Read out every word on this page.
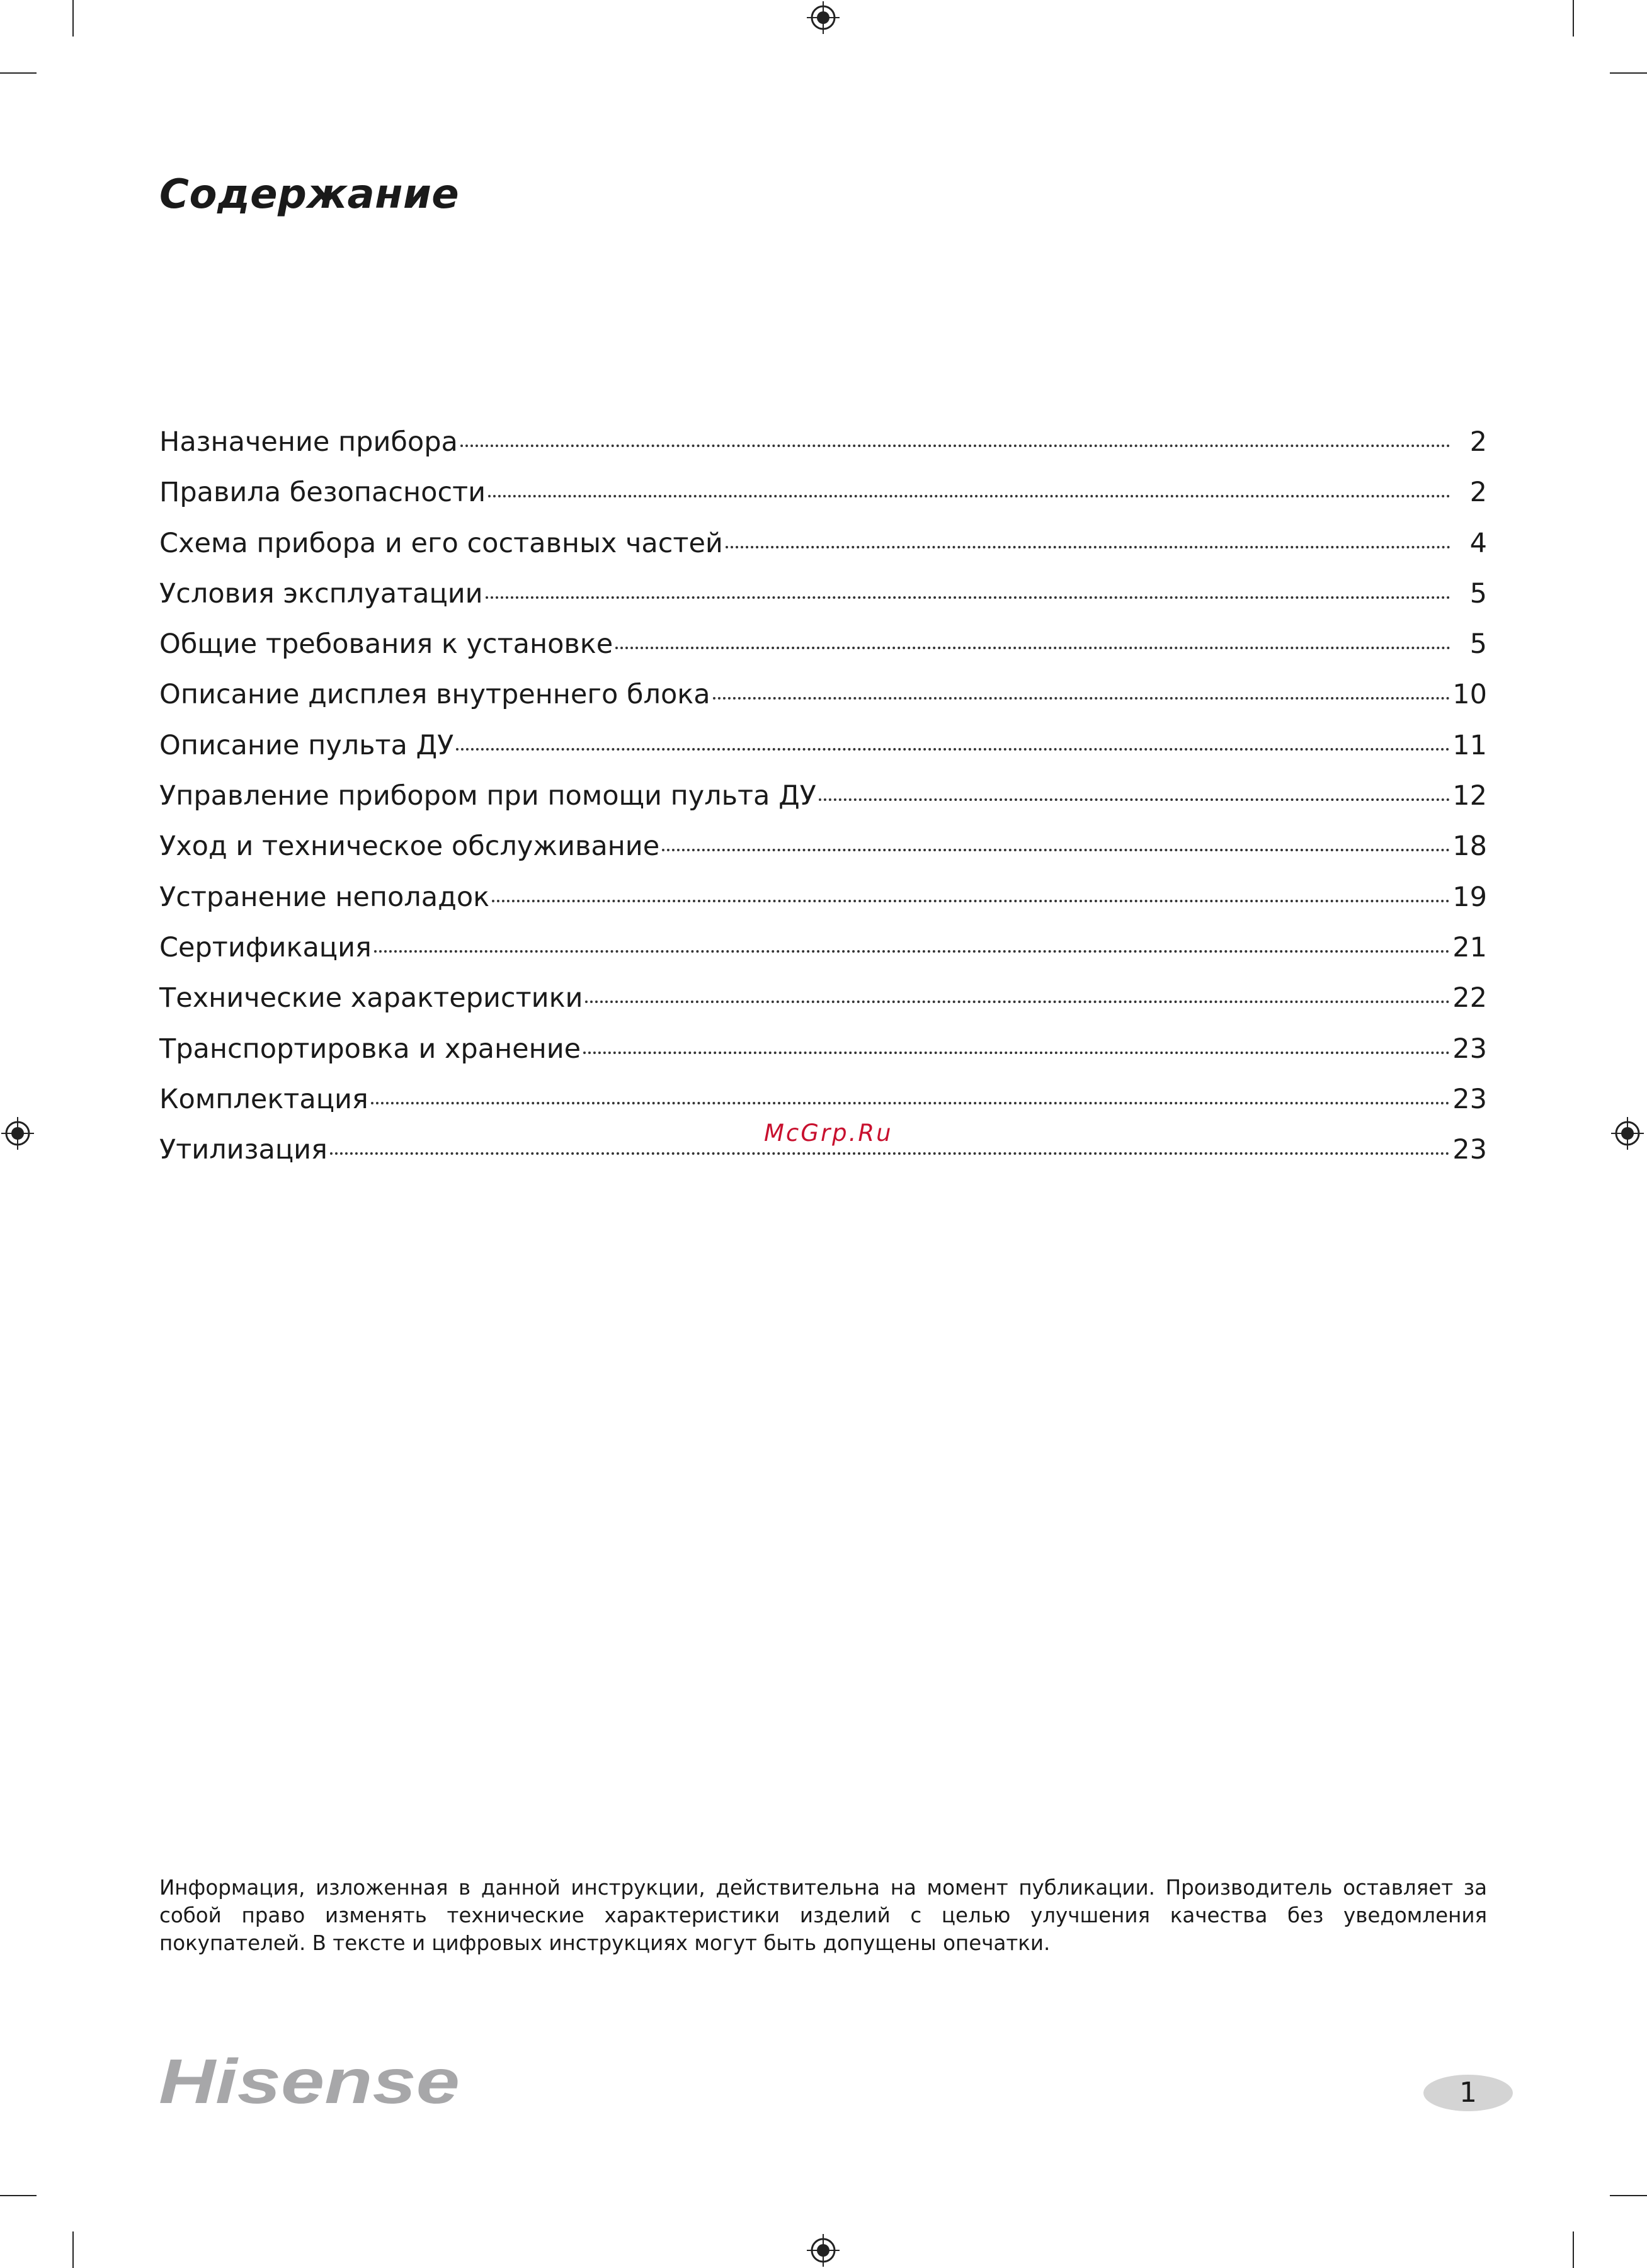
Содержание
Назначение прибора	2
Правила безопасности	2
Схема прибора и его составных частей	4
Условия эксплуатации	5
Общие требования к установке	5
Описание дисплея внутреннего блока	10
Описание пульта ДУ	11
Управление прибором при помощи пульта ДУ	12
Уход и техническое обслуживание	18
Устранение неполадок	19
Сертификация	21
Технические характеристики	22
Транспортировка и хранение	23
Комплектация	23
Утилизация	23
McGrp.Ru

Информация, изложенная в данной инструкции, действительна на момент публикации. Производитель оставляет за собой право изменять технические характеристики изделий с целью улучшения качества без уведомления покупателей. В тексте и цифровых инструкциях могут быть допущены опечатки.

Hisense	1
